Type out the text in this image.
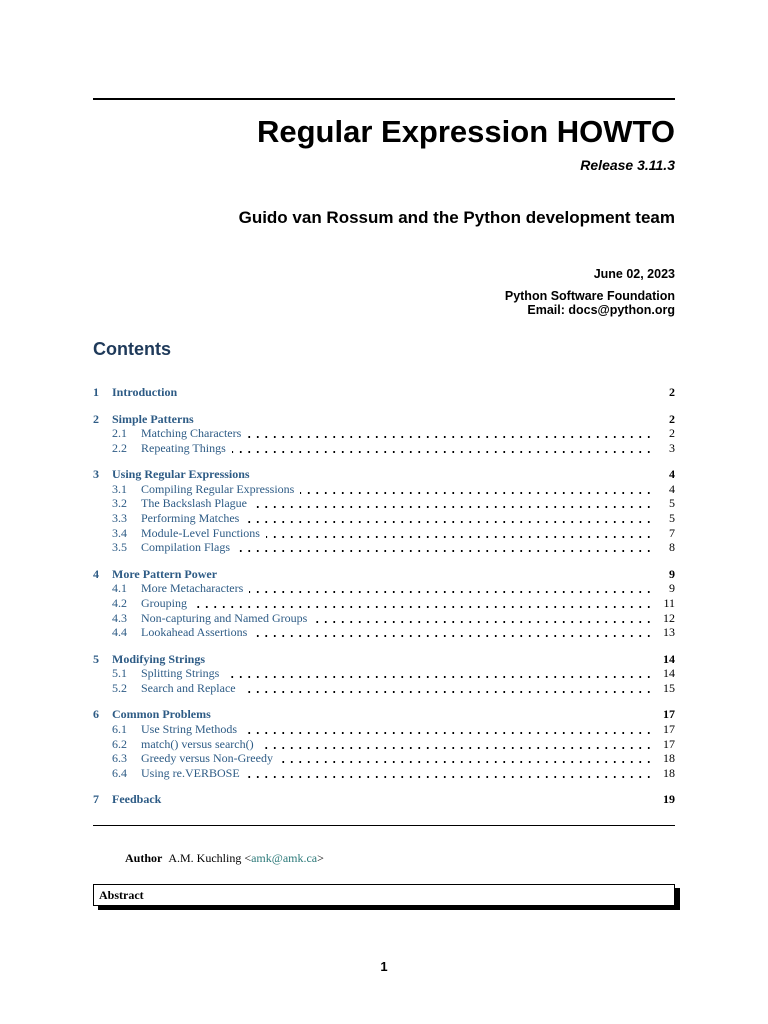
Regular Expression HOWTO
Release 3.11.3
Guido van Rossum and the Python development team
June 02, 2023
Python Software Foundation
Email: docs@python.org
Contents
1 Introduction	2
2 Simple Patterns	2
2.1 Matching Characters	2
2.2 Repeating Things	3
3 Using Regular Expressions	4
3.1 Compiling Regular Expressions	4
3.2 The Backslash Plague	5
3.3 Performing Matches	5
3.4 Module-Level Functions	7
3.5 Compilation Flags	8
4 More Pattern Power	9
4.1 More Metacharacters	9
4.2 Grouping	11
4.3 Non-capturing and Named Groups	12
4.4 Lookahead Assertions	13
5 Modifying Strings	14
5.1 Splitting Strings	14
5.2 Search and Replace	15
6 Common Problems	17
6.1 Use String Methods	17
6.2 match() versus search()	17
6.3 Greedy versus Non-Greedy	18
6.4 Using re.VERBOSE	18
7 Feedback	19
Author A.M. Kuchling <amk@amk.ca>
Abstract
1
